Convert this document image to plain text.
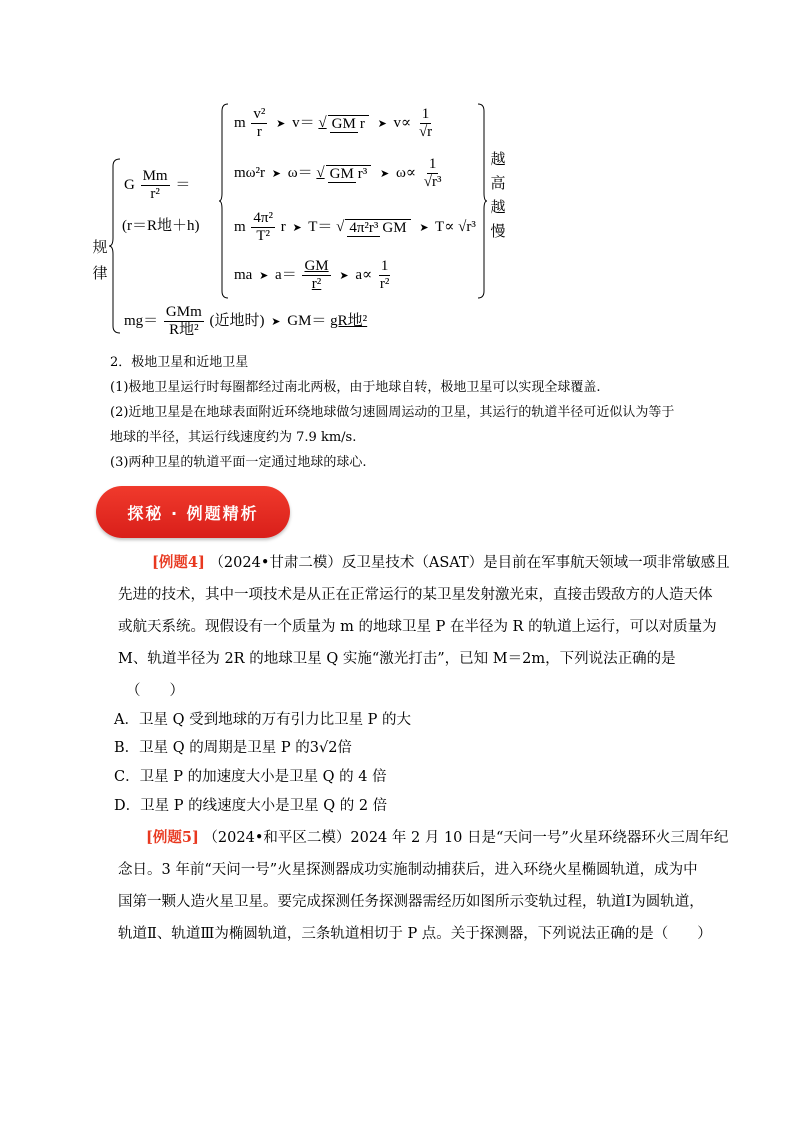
规
律
G $\frac{Mm}{\text{r²}}$ ＝
(r＝R地＋h)
m $\frac{\text{v²}}{r}$ ➤ v＝ √ GM r ➤ $v\propto \frac{1}{√r}$
mω²r ➤ ω＝ √ GM r³ ➤ $\omega\propto \frac{1}{\text{√r³}}$
m $\frac{\text{4π²}}{\text{T²}}$ r ➤ T＝ √ 4π²r³ GM ➤ T∝ √r³
ma ➤ $a= \frac{GM}{\text{r²}}$ ➤ $a\propto \frac{1}{\text{r²}}$
越
高
越
慢
$mg= \frac{\text{GMm}}{\text{R地²}}$ (近地时) ➤ GM＝ gR地²
2．极地卫星和近地卫星
(1)极地卫星运行时每圈都经过南北两极，由于地球自转，极地卫星可以实现全球覆盖.
(2)近地卫星是在地球表面附近环绕地球做匀速圆周运动的卫星，其运行的轨道半径可近似认为等于
地球的半径，其运行线速度约为 7.9 km/s.
(3)两种卫星的轨道平面一定通过地球的球心.
探秘 · 例题精析
[例题4] （2024•甘肃二模）反卫星技术（ASAT）是目前在军事航天领域一项非常敏感且
先进的技术，其中一项技术是从正在正常运行的某卫星发射激光束，直接击毁敌方的人造天体
或航天系统。现假设有一个质量为 m 的地球卫星 P 在半径为 R 的轨道上运行，可以对质量为
M、轨道半径为 2R 的地球卫星 Q 实施“激光打击”，已知 M＝2m，下列说法正确的是
（　　）
A．卫星 Q 受到地球的万有引力比卫星 P 的大
B．卫星 Q 的周期是卫星 P 的3√2倍
C．卫星 P 的加速度大小是卫星 Q 的 4 倍
D．卫星 P 的线速度大小是卫星 Q 的 2 倍
[例题5] （2024•和平区二模）2024 年 2 月 10 日是“天问一号”火星环绕器环火三周年纪
念日。3 年前“天问一号”火星探测器成功实施制动捕获后，进入环绕火星椭圆轨道，成为中
国第一颗人造火星卫星。要完成探测任务探测器需经历如图所示变轨过程，轨道Ⅰ为圆轨道，
轨道Ⅱ、轨道Ⅲ为椭圆轨道，三条轨道相切于 P 点。关于探测器，下列说法正确的是（　　）
